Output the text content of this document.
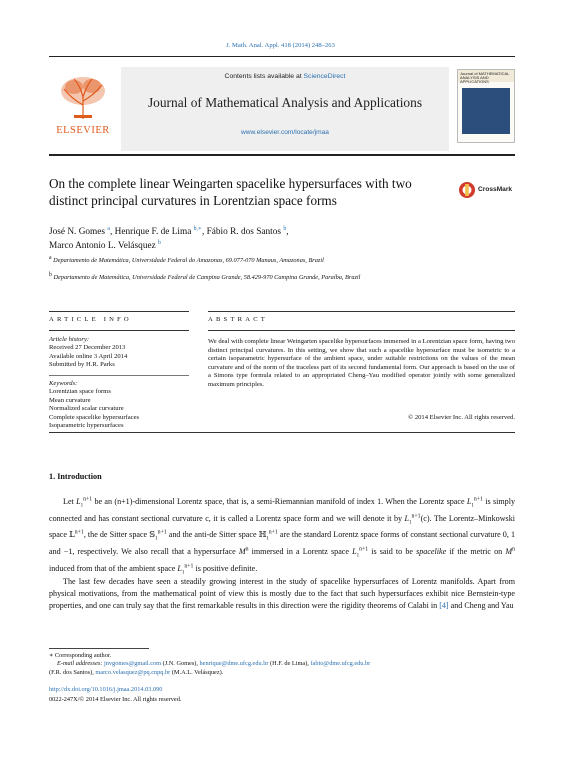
J. Math. Anal. Appl. 418 (2014) 248–263
ELSEVIER
Contents lists available at ScienceDirect
Journal of Mathematical Analysis and Applications
www.elsevier.com/locate/jmaa
Journal of MATHEMATICAL ANALYSIS AND APPLICATIONS
On the complete linear Weingarten spacelike hypersurfaces with two distinct principal curvatures in Lorentzian space forms
CrossMark
José N. Gomes $^a$, Henrique F. de Lima $^{b,∗}$, Fábio R. dos Santos $^b$,
Marco Antonio L. Velásquez $^b$
$^a$ Departamento de Matemática, Universidade Federal do Amazonas, 69.077-070 Manaus, Amazonas, Brazil
$^b$ Departamento de Matemática, Universidade Federal de Campina Grande, 58.429-970 Campina Grande, Paraíba, Brazil
ARTICLE INFO	ABSTRACT
Article history:
Received 27 December 2013
Available online 3 April 2014
Submitted by H.R. Parks
Keywords:
Lorentzian space forms
Mean curvature
Normalized scalar curvature
Complete spacelike hypersurfaces
Isoparametric hypersurfaces
We deal with complete linear Weingarten spacelike hypersurfaces immersed in a Lorentzian space form, having two distinct principal curvatures. In this setting, we show that such a spacelike hypersurface must be isometric to a certain isoparametric hypersurface of the ambient space, under suitable restrictions on the values of the mean curvature and of the norm of the traceless part of its second fundamental form. Our approach is based on the use of a Simons type formula related to an appropriated Cheng–Yau modified operator jointly with some generalized maximum principles.
© 2014 Elsevier Inc. All rights reserved.
1. Introduction
Let $L_1^{n+1}$ be an (n+1)-dimensional Lorentz space, that is, a semi-Riemannian manifold of index 1. When the Lorentz space $L_1^{n+1}$ is simply connected and has constant sectional curvature c, it is called a Lorentz space form and we will denote it by $L_1^{n+1}(c)$. The Lorentz–Minkowski space 𝕃$^{n+1}$, the de Sitter space 𝕊$_1^{n+1}$ and the anti-de Sitter space ℍ$_1^{n+1}$ are the standard Lorentz space forms of constant sectional curvature 0, 1 and −1, respectively. We also recall that a hypersurface $M^n$ immersed in a Lorentz space $L_1^{n+1}$ is said to be spacelike if the metric on $M^n$ induced from that of the ambient space $L_1^{n+1}$ is positive definite.
The last few decades have seen a steadily growing interest in the study of spacelike hypersurfaces of Lorentz manifolds. Apart from physical motivations, from the mathematical point of view this is mostly due to the fact that such hypersurfaces exhibit nice Bernstein-type properties, and one can truly say that the first remarkable results in this direction were the rigidity theorems of Calabi in [4] and Cheng and Yau
∗ Corresponding author.
E-mail addresses: jnvgomes@gmail.com (J.N. Gomes), henrique@dme.ufcg.edu.br (H.F. de Lima), fabio@dme.ufcg.edu.br
(F.R. dos Santos), marco.velasquez@pq.cnpq.br (M.A.L. Velásquez).
http://dx.doi.org/10.1016/j.jmaa.2014.03.090
0022-247X/© 2014 Elsevier Inc. All rights reserved.
